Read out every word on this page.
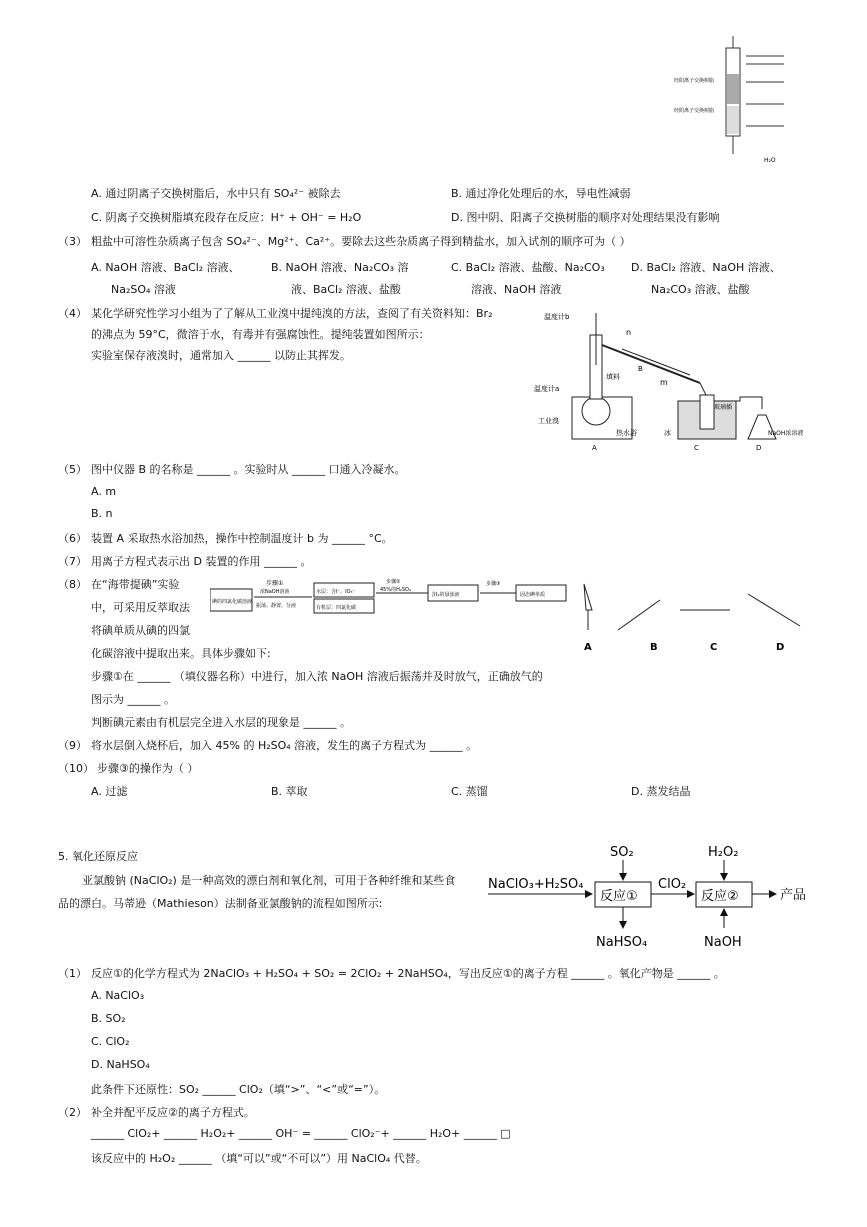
经阳离子交换树脂
经阴离子交换树脂
H₂O
A. 通过阴离子交换树脂后，水中只有 SO₄²⁻ 被除去	B. 通过净化处理后的水，导电性减弱
C. 阴离子交换树脂填充段存在反应：H⁺ + OH⁻ = H₂O	D. 图中阴、阳离子交换树脂的顺序对处理结果没有影响
（3） 粗盐中可溶性杂质离子包含 SO₄²⁻、Mg²⁺、Ca²⁺。要除去这些杂质离子得到精盐水，加入试剂的顺序可为（ ）
A. NaOH 溶液、BaCl₂ 溶液、
Na₂SO₄ 溶液
B. NaOH 溶液、Na₂CO₃ 溶
液、BaCl₂ 溶液、盐酸
C. BaCl₂ 溶液、盐酸、Na₂CO₃
溶液、NaOH 溶液
D. BaCl₂ 溶液、NaOH 溶液、
Na₂CO₃ 溶液、盐酸
（4） 某化学研究性学习小组为了了解从工业溴中提纯溴的方法，查阅了有关资料知：Br₂
的沸点为 59°C，微溶于水，有毒并有强腐蚀性。提纯装置如图所示：
实验室保存液溴时，通常加入 ______ 以防止其挥发。
温度计b
n
B
m
填料
温度计a
工业溴
热水浴	冰
玻璃插
NaOH浓溶液
A	C	D
（5） 图中仪器 B 的名称是 ______ 。实验时从 ______ 口通入冷凝水。
A. m
B. n
（6） 装置 A 采取热水浴加热，操作中控制温度计 b 为 ______ °C。
（7） 用离子方程式表示出 D 装置的作用 ______ 。
（8） 在“海带提碘”实验
中，可采用反萃取法
将碘单质从碘的四氯
化碳溶液中提取出来。具体步骤如下:
步骤①在 ______ （填仪器名称）中进行，加入浓 NaOH 溶液后振荡并及时放气，正确放气的
图示为 ______ 。
判断碘元素由有机层完全进入水层的现象是 ______ 。
碘的四氯化碳溶液
步骤①
浓NaOH溶液
振荡、静置、分液
水层：含I⁻、IO₃⁻
有机层：四氯化碳
步骤②
45%的H₂SO₄
含I₂的悬浊液
步骤③
固态碘单质
A	B	C	D
（9） 将水层倒入烧杯后，加入 45% 的 H₂SO₄ 溶液，发生的离子方程式为 ______ 。
（10） 步骤③的操作为（ ）
A. 过滤	B. 萃取	C. 蒸馏	D. 蒸发结晶
5. 氧化还原反应
亚氯酸钠 (NaClO₂) 是一种高效的漂白剂和氧化剂，可用于各种纤维和某些食
品的漂白。马蒂逊（Mathieson）法制备亚氯酸钠的流程如图所示:
NaClO₃+H₂SO₄
SO₂
反应①
ClO₂
反应②
H₂O₂
产品
NaHSO₄	NaOH
（1） 反应①的化学方程式为 2NaClO₃ + H₂SO₄ + SO₂ = 2ClO₂ + 2NaHSO₄，写出反应①的离子方程 ______ 。氧化产物是 ______ 。
A. NaClO₃
B. SO₂
C. ClO₂
D. NaHSO₄
此条件下还原性：SO₂ ______ ClO₂（填“>”、“<”或“=”）。
（2） 补全并配平反应②的离子方程式。
______ ClO₂+ ______ H₂O₂+ ______ OH⁻ = ______ ClO₂⁻+ ______ H₂O+ ______ □
该反应中的 H₂O₂ ______ （填“可以”或“不可以”）用 NaClO₄ 代替。
